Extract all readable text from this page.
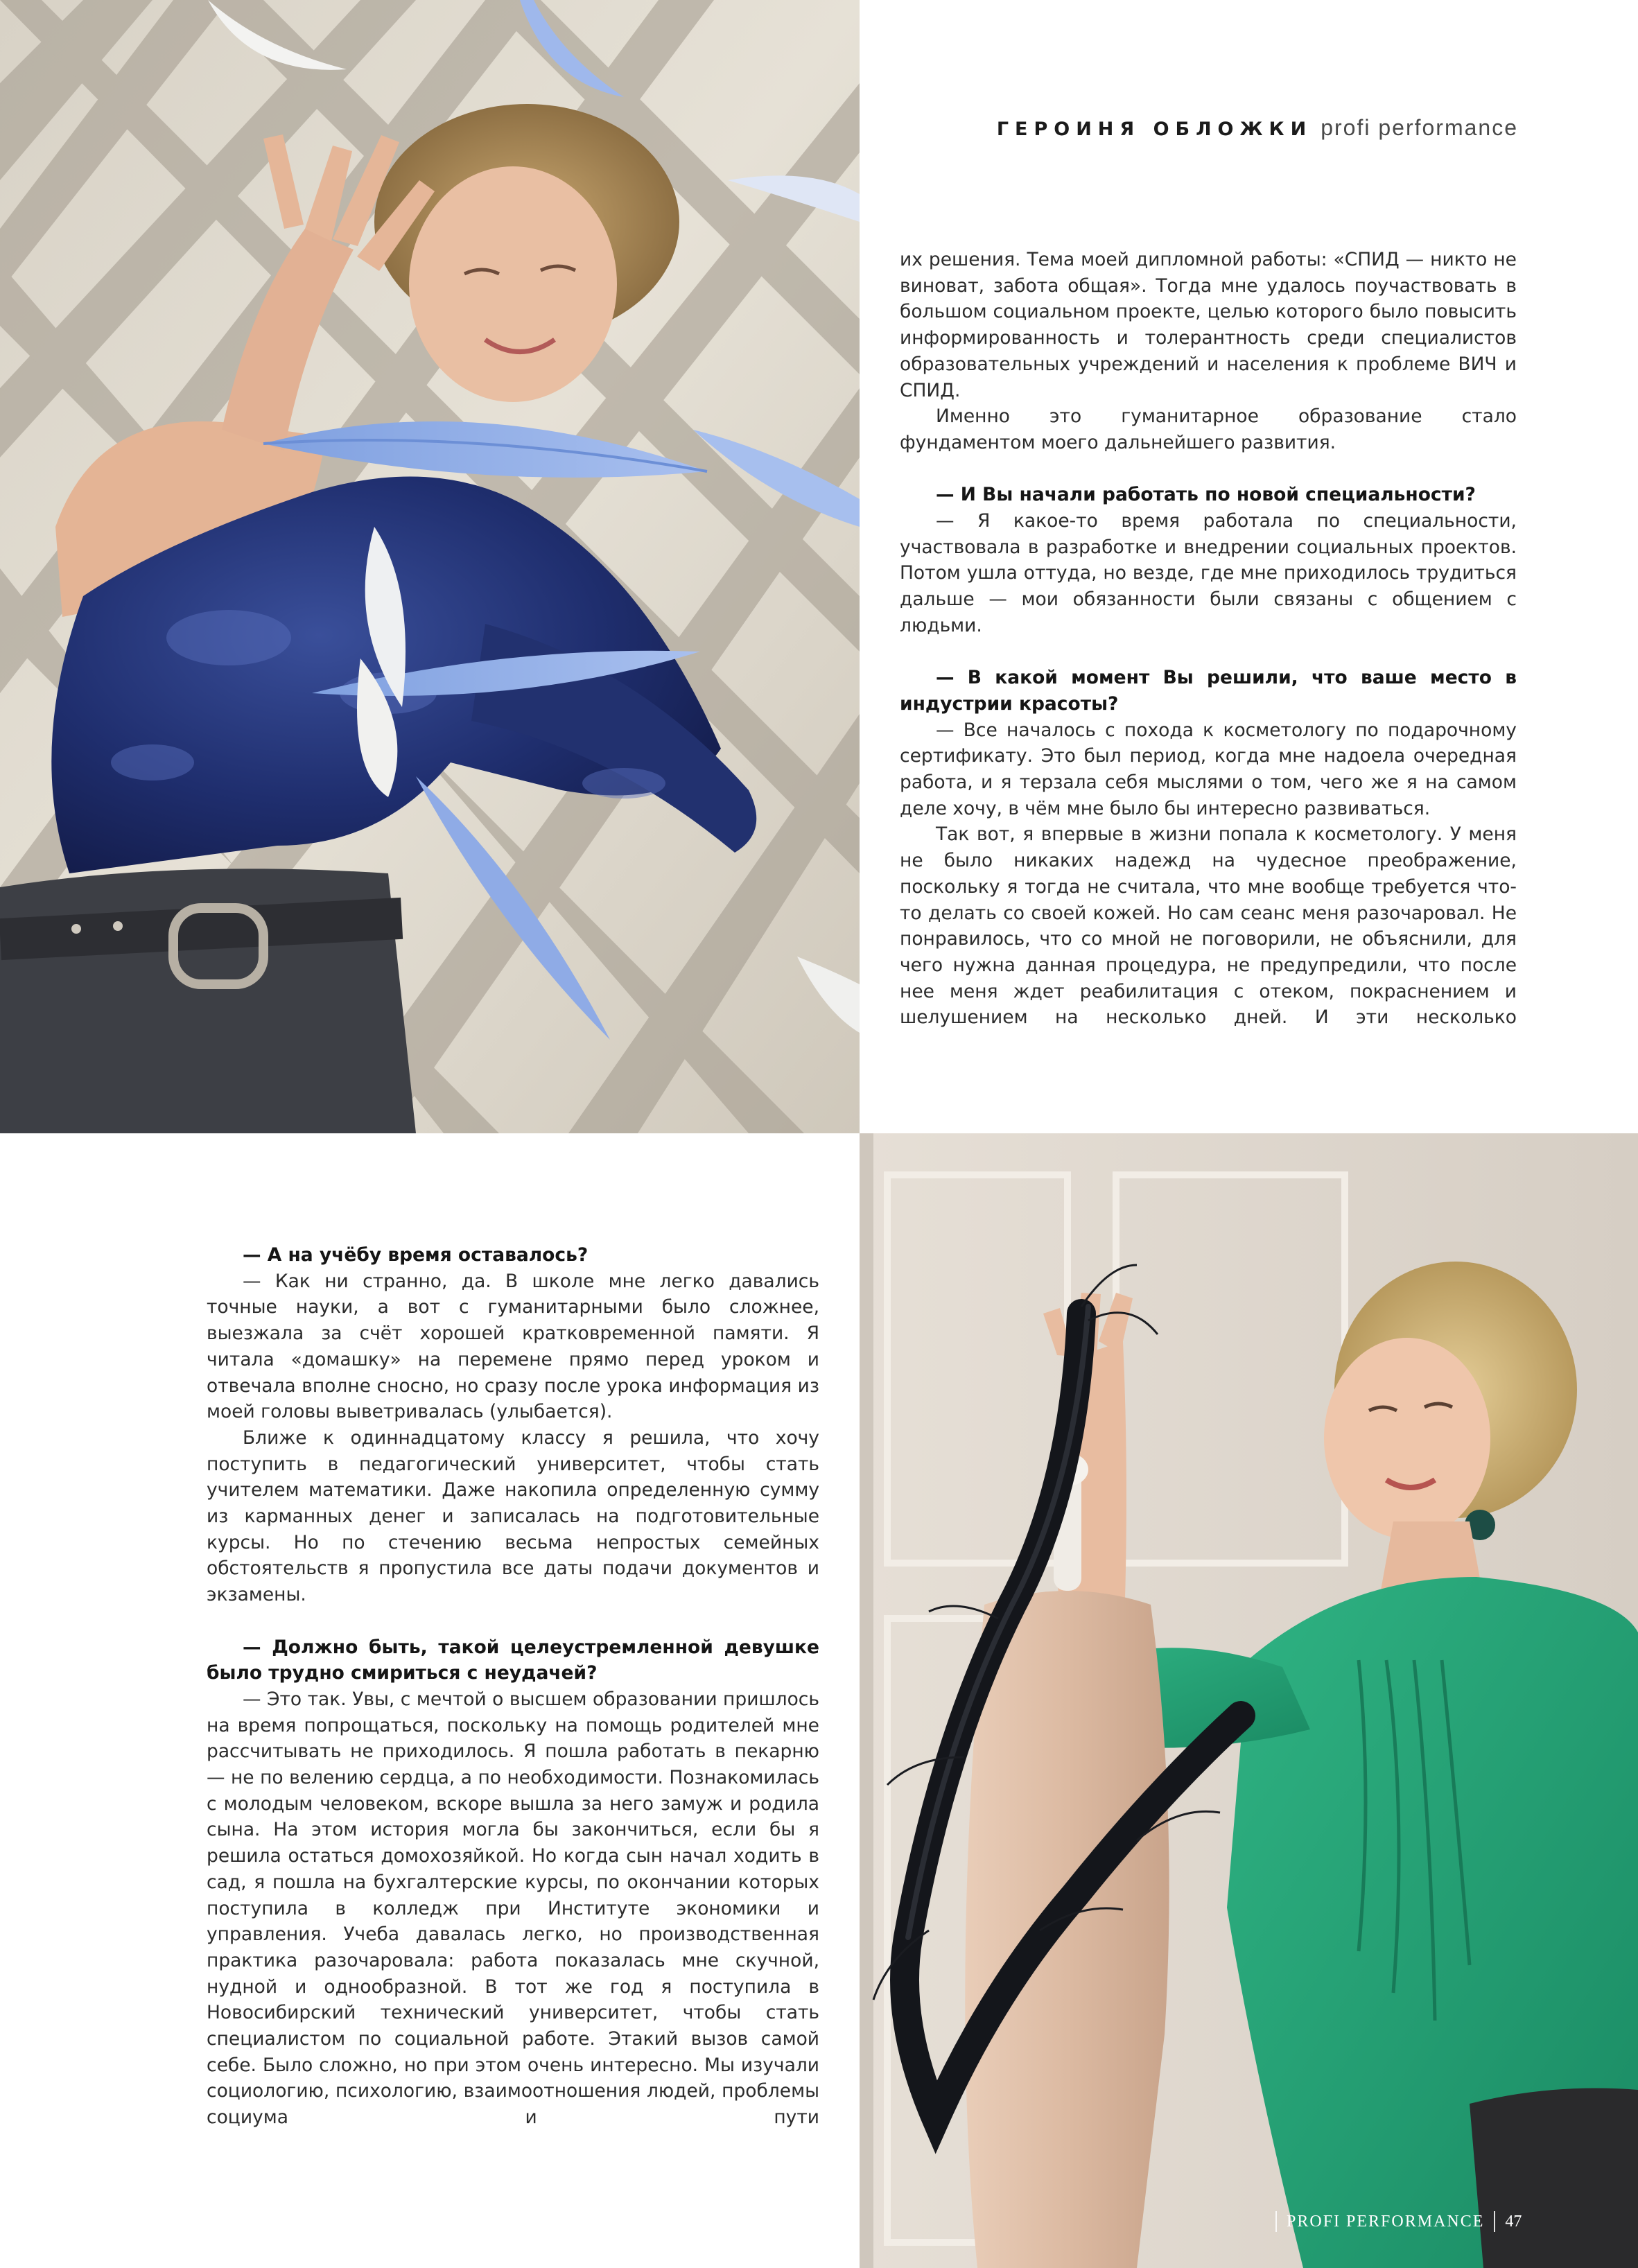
ГЕРОИНЯ ОБЛОЖКИ profi performance

их решения. Тема моей дипломной работы: «СПИД — никто не виноват, забота общая». Тогда мне удалось поучаствовать в большом социальном проекте, целью которого было повысить информированность и толерантность среди специалистов образовательных учреждений и населения к проблеме ВИЧ и СПИД.

Именно это гуманитарное образование стало фундаментом моего дальнейшего развития.

— И Вы начали работать по новой специальности?

— Я какое-то время работала по специальности, участвовала в разработке и внедрении социальных проектов. Потом ушла оттуда, но везде, где мне приходилось трудиться дальше — мои обязанности были связаны с общением с людьми.

— В какой момент Вы решили, что ваше место в индустрии красоты?

— Все началось с похода к косметологу по подарочному сертификату. Это был период, когда мне надоела очередная работа, и я терзала себя мыслями о том, чего же я на самом деле хочу, в чём мне было бы интересно развиваться.

Так вот, я впервые в жизни попала к косметологу. У меня не было никаких надежд на чудесное преображение, поскольку я тогда не считала, что мне вообще требуется что-то делать со своей кожей. Но сам сеанс меня разочаровал. Не понравилось, что со мной не поговорили, не объяснили, для чего нужна данная процедура, не предупредили, что после нее меня ждет реабилитация с отеком, покраснением и шелушением на несколько дней. И эти несколько

— А на учёбу время оставалось?

— Как ни странно, да. В школе мне легко давались точные науки, а вот с гуманитарными было сложнее, выезжала за счёт хорошей кратковременной памяти. Я читала «домашку» на перемене прямо перед уроком и отвечала вполне сносно, но сразу после урока информация из моей головы выветривалась (улыбается).

Ближе к одиннадцатому классу я решила, что хочу поступить в педагогический университет, чтобы стать учителем математики. Даже накопила определенную сумму из карманных денег и записалась на подготовительные курсы. Но по стечению весьма непростых семейных обстоятельств я пропустила все даты подачи документов и экзамены.

— Должно быть, такой целеустремленной девушке было трудно смириться с неудачей?

— Это так. Увы, с мечтой о высшем образовании пришлось на время попрощаться, поскольку на помощь родителей мне рассчитывать не приходилось. Я пошла работать в пекарню — не по велению сердца, а по необходимости. Познакомилась с молодым человеком, вскоре вышла за него замуж и родила сына. На этом история могла бы закончиться, если бы я решила остаться домохозяйкой. Но когда сын начал ходить в сад, я пошла на бухгалтерские курсы, по окончании которых поступила в колледж при Институте экономики и управления. Учеба давалась легко, но производственная практика разочаровала: работа показалась мне скучной, нудной и однообразной. В тот же год я поступила в Новосибирский технический университет, чтобы стать специалистом по социальной работе. Этакий вызов самой себе. Было сложно, но при этом очень интересно. Мы изучали социологию, психологию, взаимоотношения людей, проблемы социума и пути

PROFI PERFORMANCE 47
